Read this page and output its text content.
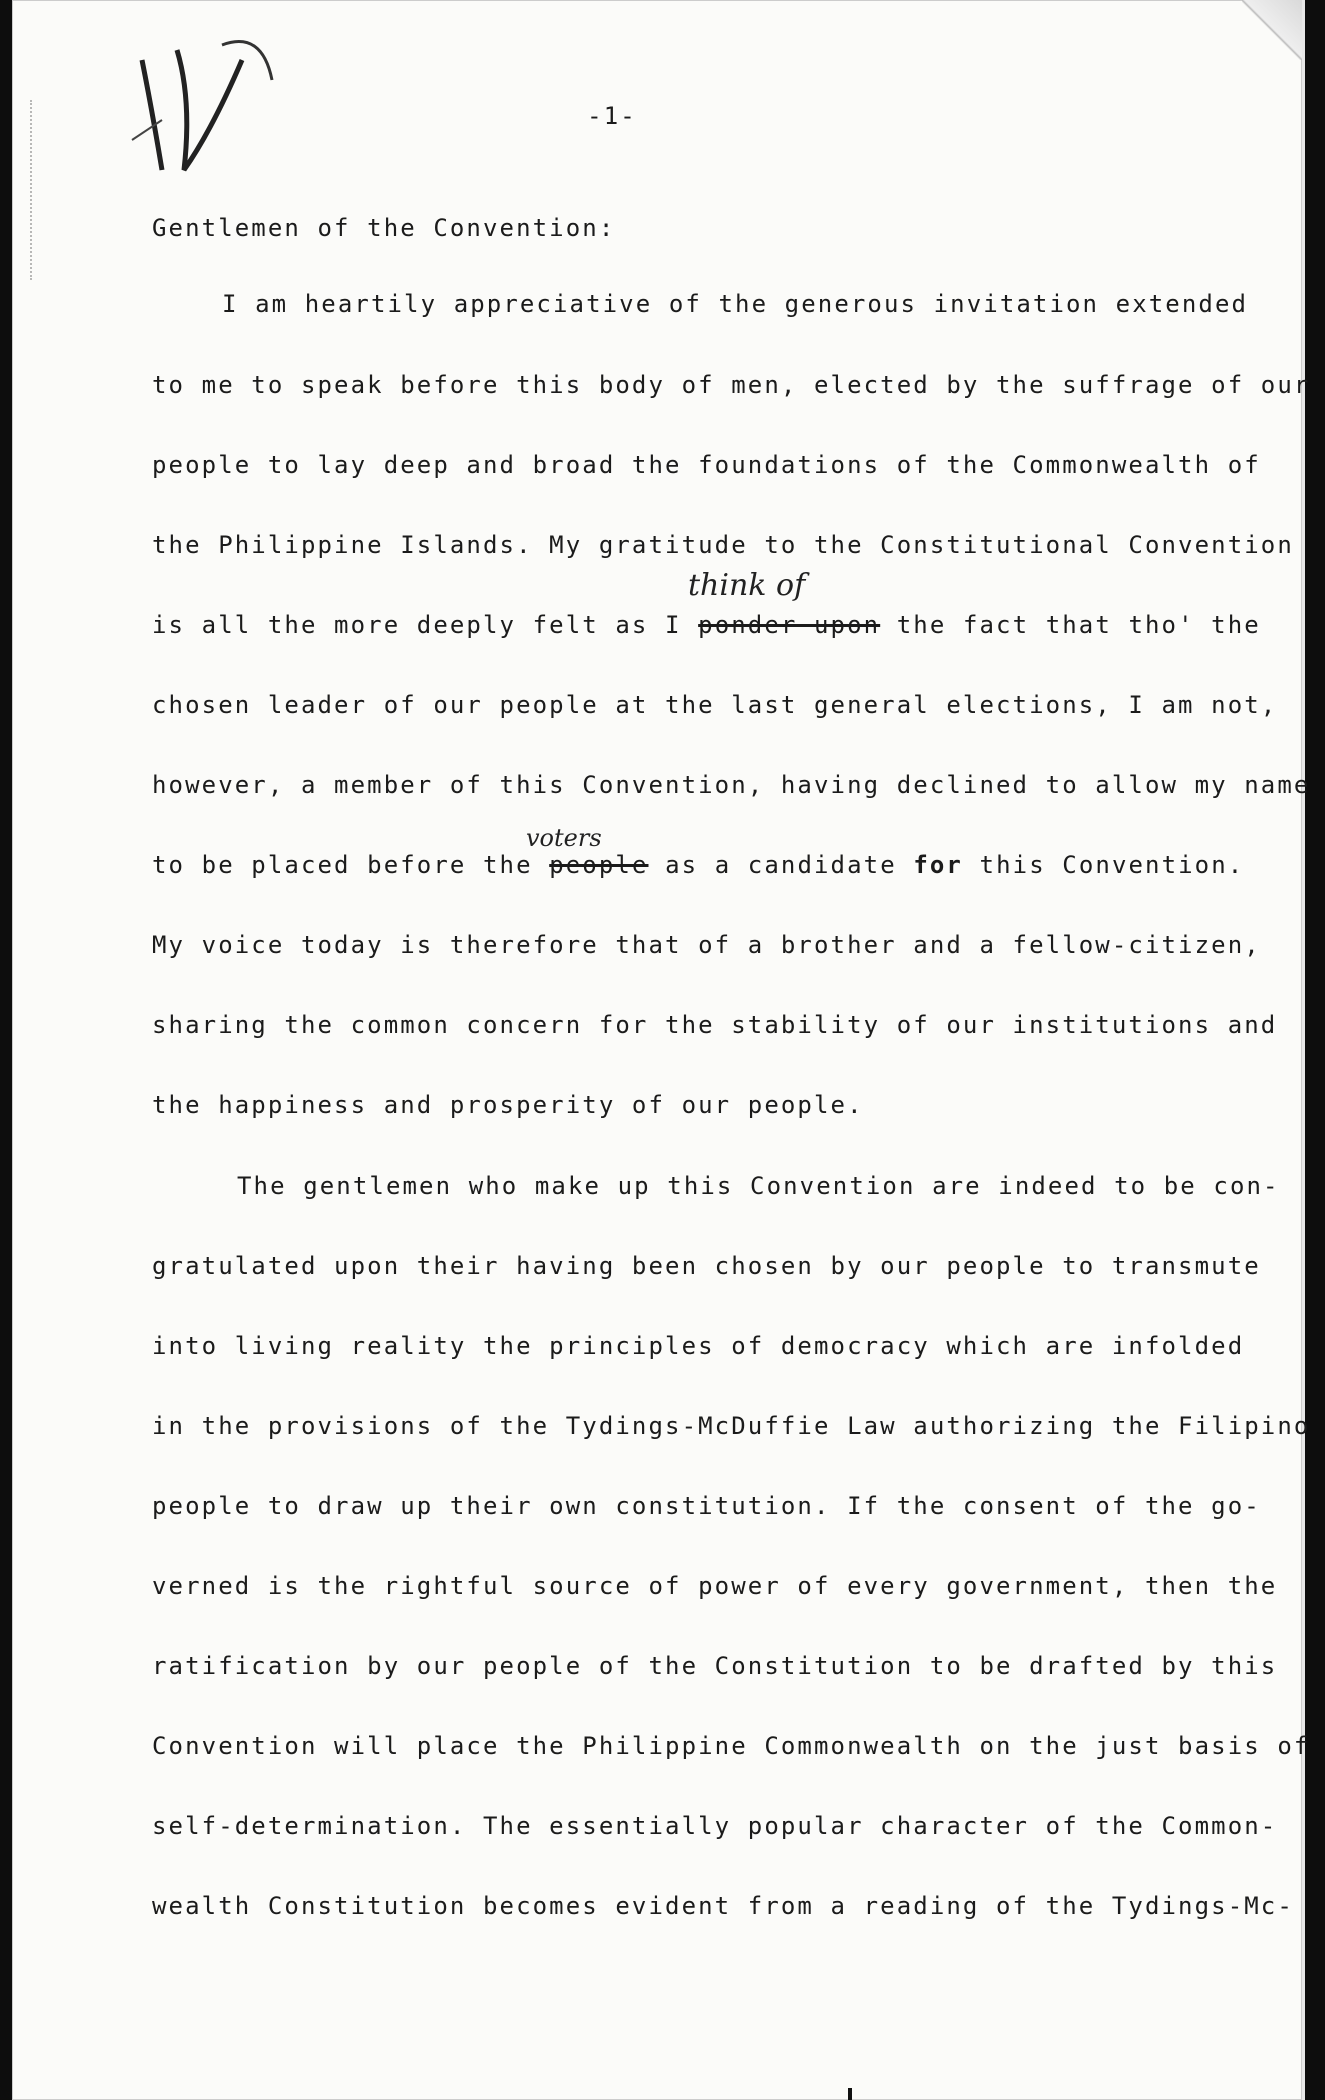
-1-
Gentlemen of the Convention:
I am heartily appreciative of the generous invitation extended
to me to speak before this body of men, elected by the suffrage of our
people to lay deep and broad the foundations of the Commonwealth of
the Philippine Islands. My gratitude to the Constitutional Convention
think of
is all the more deeply felt as I ponder upon the fact that tho' the
chosen leader of our people at the last general elections, I am not,
however, a member of this Convention, having declined to allow my name
voters
to be placed before the people as a candidate for this Convention.
My voice today is therefore that of a brother and a fellow-citizen,
sharing the common concern for the stability of our institutions and
the happiness and prosperity of our people.
The gentlemen who make up this Convention are indeed to be con-
gratulated upon their having been chosen by our people to transmute
into living reality the principles of democracy which are infolded
in the provisions of the Tydings-McDuffie Law authorizing the Filipino
people to draw up their own constitution. If the consent of the go-
verned is the rightful source of power of every government, then the
ratification by our people of the Constitution to be drafted by this
Convention will place the Philippine Commonwealth on the just basis of
self-determination. The essentially popular character of the Common-
wealth Constitution becomes evident from a reading of the Tydings-Mc-
